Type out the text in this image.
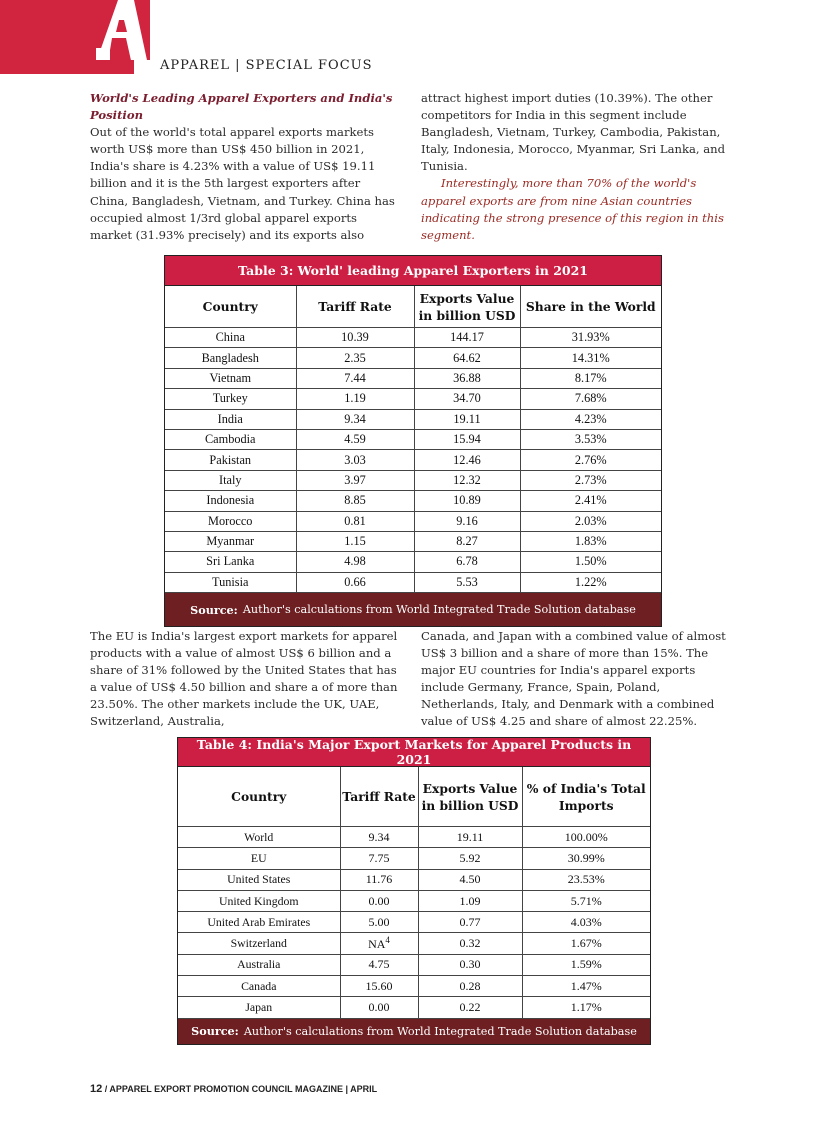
APPAREL | SPECIAL FOCUS

World's Leading Apparel Exporters and India's Position

Out of the world's total apparel exports markets worth US$ more than US$ 450 billion in 2021, India's share is 4.23% with a value of US$ 19.11 billion and it is the 5th largest exporters after China, Bangladesh, Vietnam, and Turkey. China has occupied almost 1/3rd global apparel exports market (31.93% precisely) and its exports also

attract highest import duties (10.39%). The other competitors for India in this segment include Bangladesh, Vietnam, Turkey, Cambodia, Pakistan, Italy, Indonesia, Morocco, Myanmar, Sri Lanka, and Tunisia.

Interestingly, more than 70% of the world's apparel exports are from nine Asian countries indicating the strong presence of this region in this segment.

Table 3: World' leading Apparel Exporters in 2021
Country	Tariff Rate	Exports Value in billion USD	Share in the World
China	10.39	144.17	31.93%
Bangladesh	2.35	64.62	14.31%
Vietnam	7.44	36.88	8.17%
Turkey	1.19	34.70	7.68%
India	9.34	19.11	4.23%
Cambodia	4.59	15.94	3.53%
Pakistan	3.03	12.46	2.76%
Italy	3.97	12.32	2.73%
Indonesia	8.85	10.89	2.41%
Morocco	0.81	9.16	2.03%
Myanmar	1.15	8.27	1.83%
Sri Lanka	4.98	6.78	1.50%
Tunisia	0.66	5.53	1.22%
Source: Author's calculations from World Integrated Trade Solution database

The EU is India's largest export markets for apparel products with a value of almost US$ 6 billion and a share of 31% followed by the United States that has a value of US$ 4.50 billion and share a of more than 23.50%. The other markets include the UK, UAE, Switzerland, Australia,

Canada, and Japan with a combined value of almost US$ 3 billion and a share of more than 15%. The major EU countries for India's apparel exports include Germany, France, Spain, Poland, Netherlands, Italy, and Denmark with a combined value of US$ 4.25 and share of almost 22.25%.

Table 4: India's Major Export Markets for Apparel Products in 2021
Country	Tariff Rate	Exports Value in billion USD	% of India's Total Imports
World	9.34	19.11	100.00%
EU	7.75	5.92	30.99%
United States	11.76	4.50	23.53%
United Kingdom	0.00	1.09	5.71%
United Arab Emirates	5.00	0.77	4.03%
Switzerland	$NA^4$	0.32	1.67%
Australia	4.75	0.30	1.59%
Canada	15.60	0.28	1.47%
Japan	0.00	0.22	1.17%
Source: Author's calculations from World Integrated Trade Solution database
12 / APPAREL EXPORT PROMOTION COUNCIL MAGAZINE | APRIL
